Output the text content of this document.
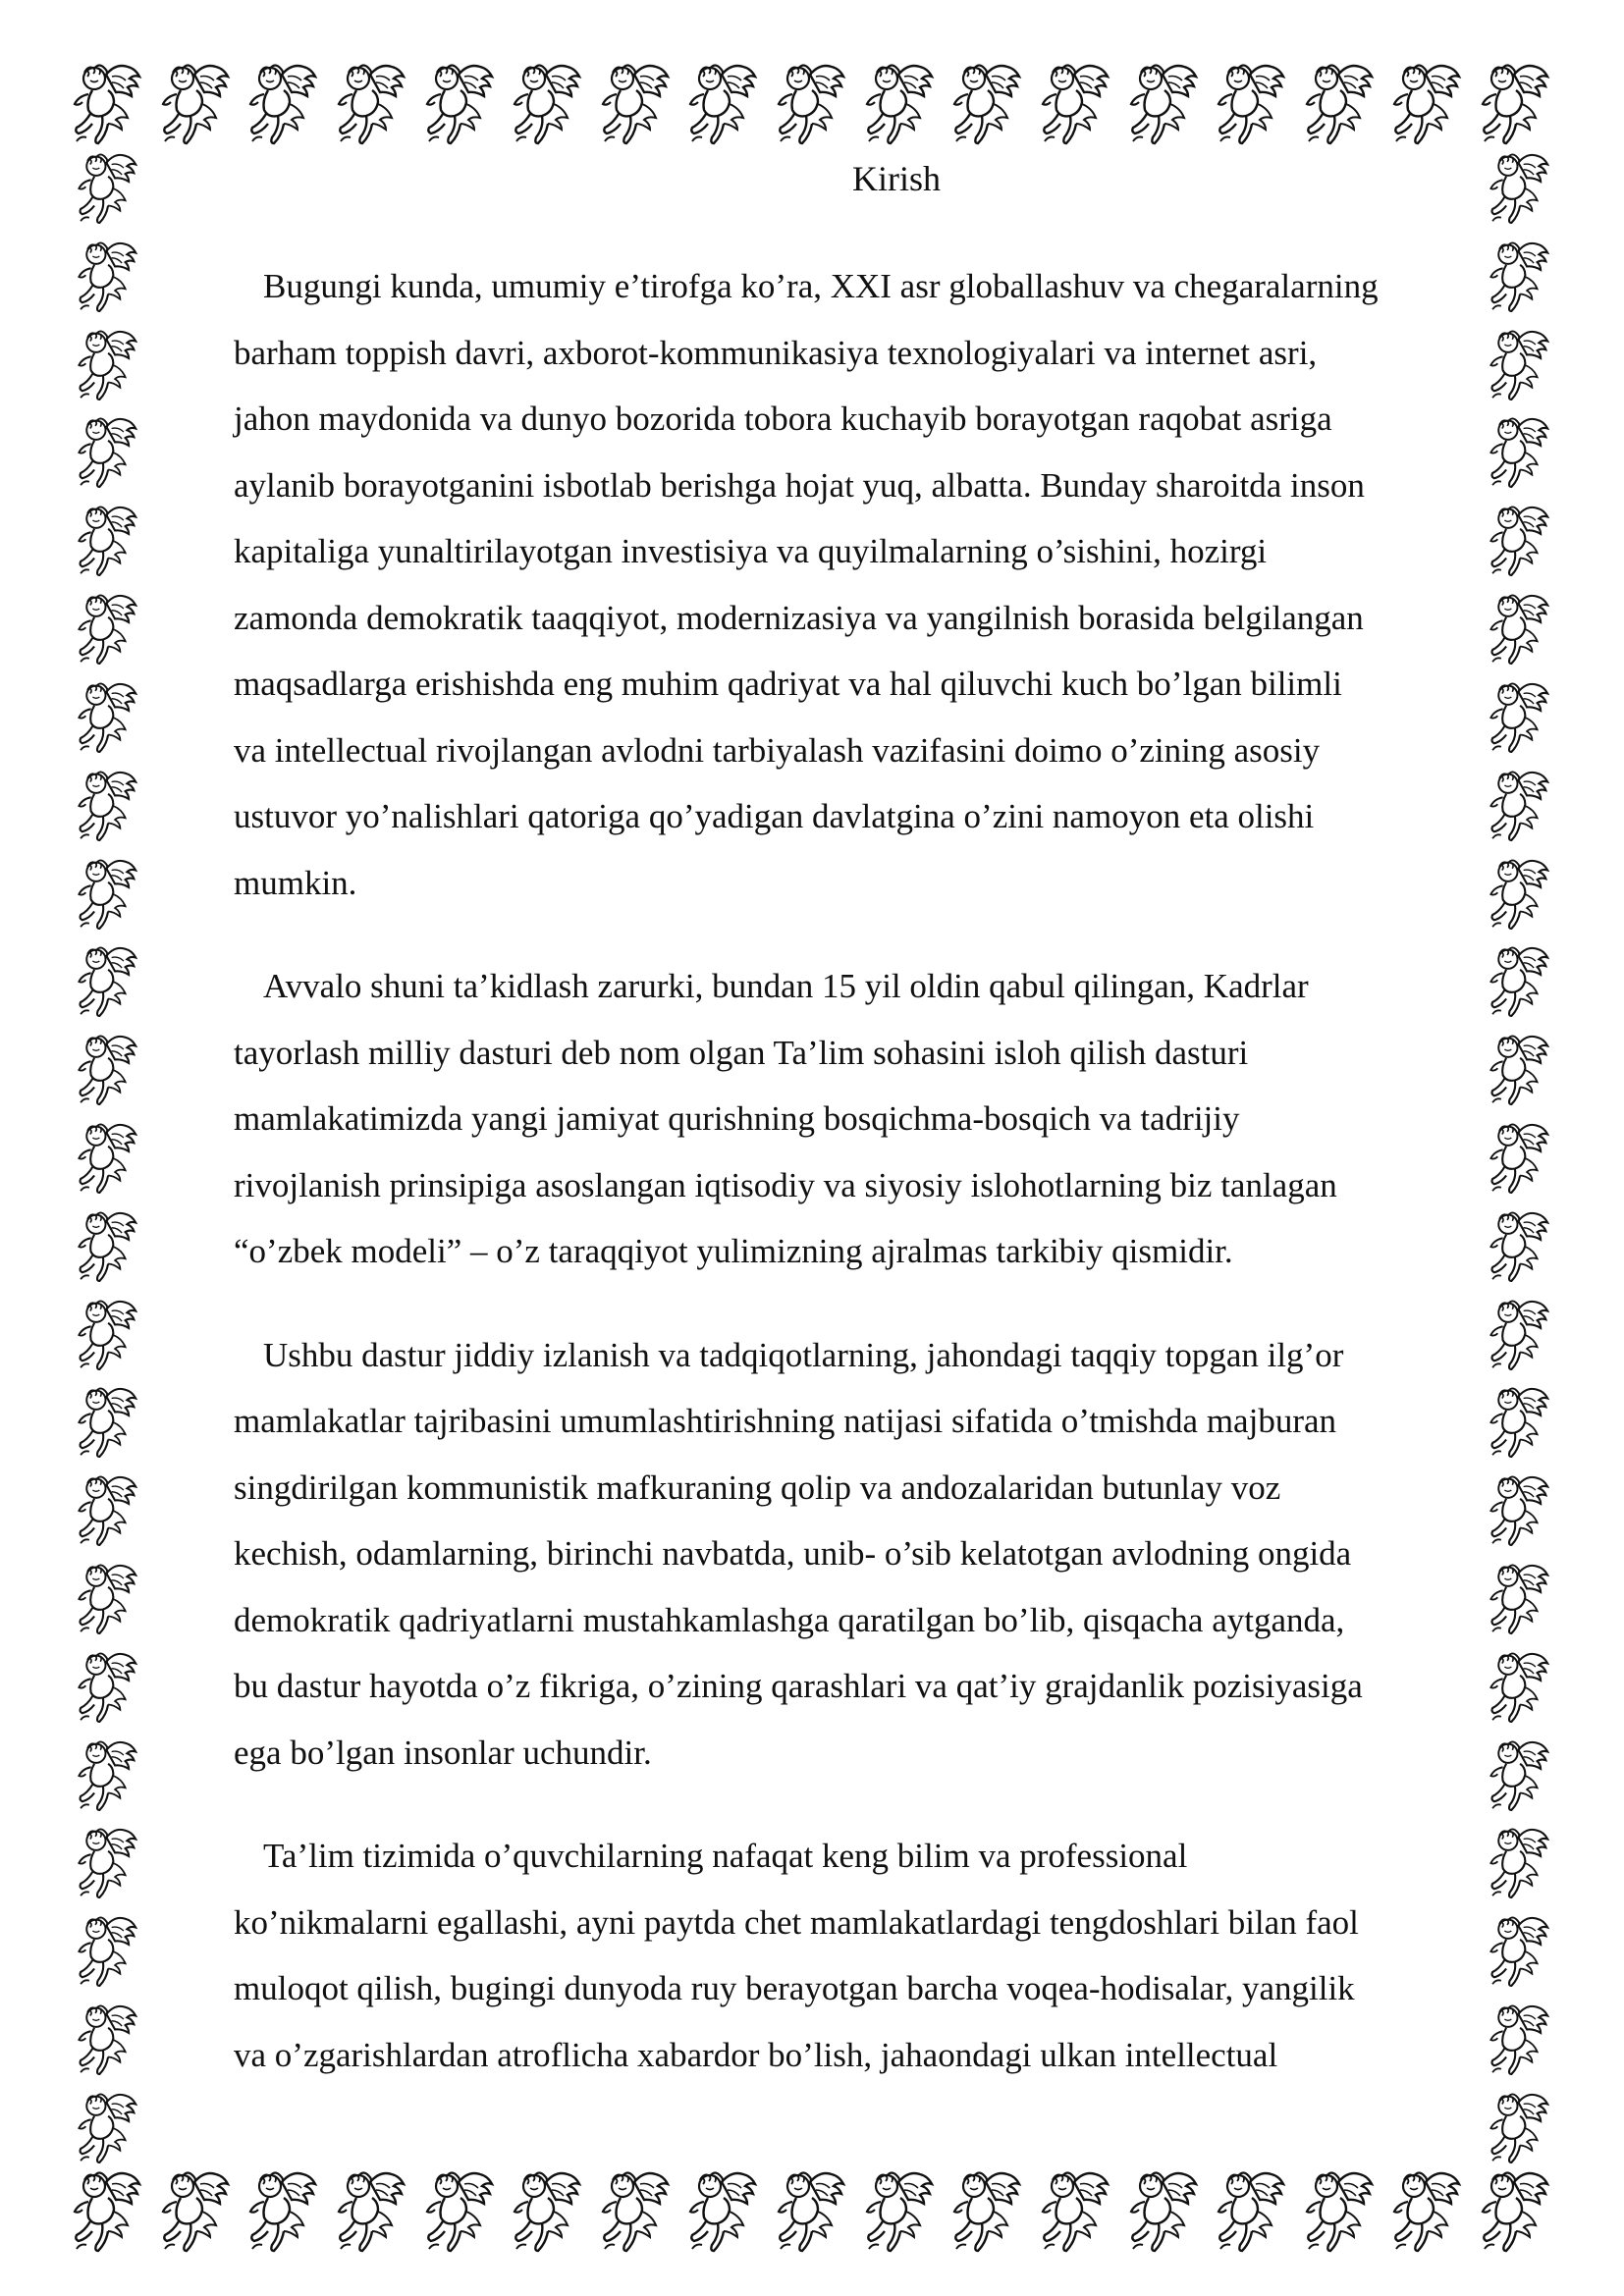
Kirish

Bugungi kunda, umumiy e’tirofga ko’ra, XXI asr globallashuv va chegaralarning
barham toppish davri, axborot-kommunikasiya texnologiyalari va internet asri,
jahon maydonida va dunyo bozorida tobora kuchayib borayotgan raqobat asriga
aylanib borayotganini isbotlab berishga hojat yuq, albatta. Bunday sharoitda inson
kapitaliga yunaltirilayotgan investisiya va quyilmalarning o’sishini, hozirgi
zamonda demokratik taaqqiyot, modernizasiya va yangilnish borasida belgilangan
maqsadlarga erishishda eng muhim qadriyat va hal qiluvchi kuch bo’lgan bilimli
va intellectual rivojlangan avlodni tarbiyalash vazifasini doimo o’zining asosiy
ustuvor yo’nalishlari qatoriga qo’yadigan davlatgina o’zini namoyon eta olishi
mumkin.

Avvalo shuni ta’kidlash zarurki, bundan 15 yil oldin qabul qilingan, Kadrlar
tayorlash milliy dasturi deb nom olgan Ta’lim sohasini isloh qilish dasturi
mamlakatimizda yangi jamiyat qurishning bosqichma-bosqich va tadrijiy
rivojlanish prinsipiga asoslangan iqtisodiy va siyosiy islohotlarning biz tanlagan
“o’zbek modeli” – o’z taraqqiyot yulimizning ajralmas tarkibiy qismidir.

Ushbu dastur jiddiy izlanish va tadqiqotlarning, jahondagi taqqiy topgan ilg’or
mamlakatlar tajribasini umumlashtirishning natijasi sifatida o’tmishda majburan
singdirilgan kommunistik mafkuraning qolip va andozalaridan butunlay voz
kechish, odamlarning, birinchi navbatda, unib- o’sib kelatotgan avlodning ongida
demokratik qadriyatlarni mustahkamlashga qaratilgan bo’lib, qisqacha aytganda,
bu dastur hayotda o’z fikriga, o’zining qarashlari va qat’iy grajdanlik pozisiyasiga
ega bo’lgan insonlar uchundir.

Ta’lim tizimida o’quvchilarning nafaqat keng bilim va professional
ko’nikmalarni egallashi, ayni paytda chet mamlakatlardagi tengdoshlari bilan faol
muloqot qilish, bugingi dunyoda ruy berayotgan barcha voqea-hodisalar, yangilik
va o’zgarishlardan atroflicha xabardor bo’lish, jahaondagi ulkan intellectual
